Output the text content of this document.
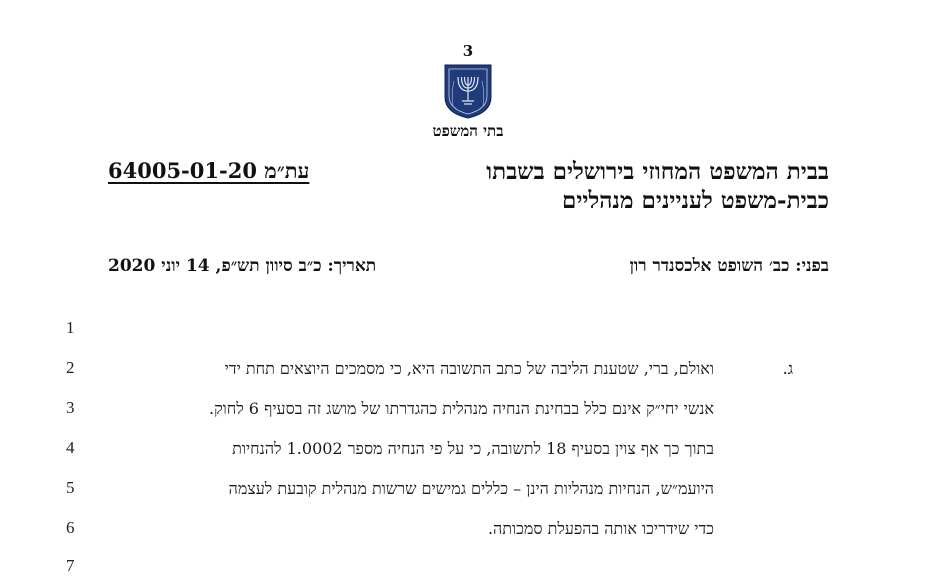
3
בתי המשפט
בבית המשפט המחוזי בירושלים בשבתו
כבית-משפט לעניינים מנהליים
עת״מ 64005-01-20
בפני: כב׳ השופט אלכסנדר רון
תאריך: כ״ב סיוון תש״פ, 14 יוני 2020
1
2
3
4
5
6
7
ג.
ואולם, ברי, שטענת הליבה של כתב התשובה היא, כי מסמכים היוצאים תחת ידי
אנשי יחי״ק אינם כלל בבחינת הנחיה מנהלית כהגדרתו של מושג זה בסעיף 6 לחוק.
בתוך כך אף צוין בסעיף 18 לתשובה, כי על פי הנחיה מספר 1.0002 להנחיות
היועמ״ש, הנחיות מנהליות הינן – כללים גמישים שרשות מנהלית קובעת לעצמה
כדי שידריכו אותה בהפעלת סמכותה.
